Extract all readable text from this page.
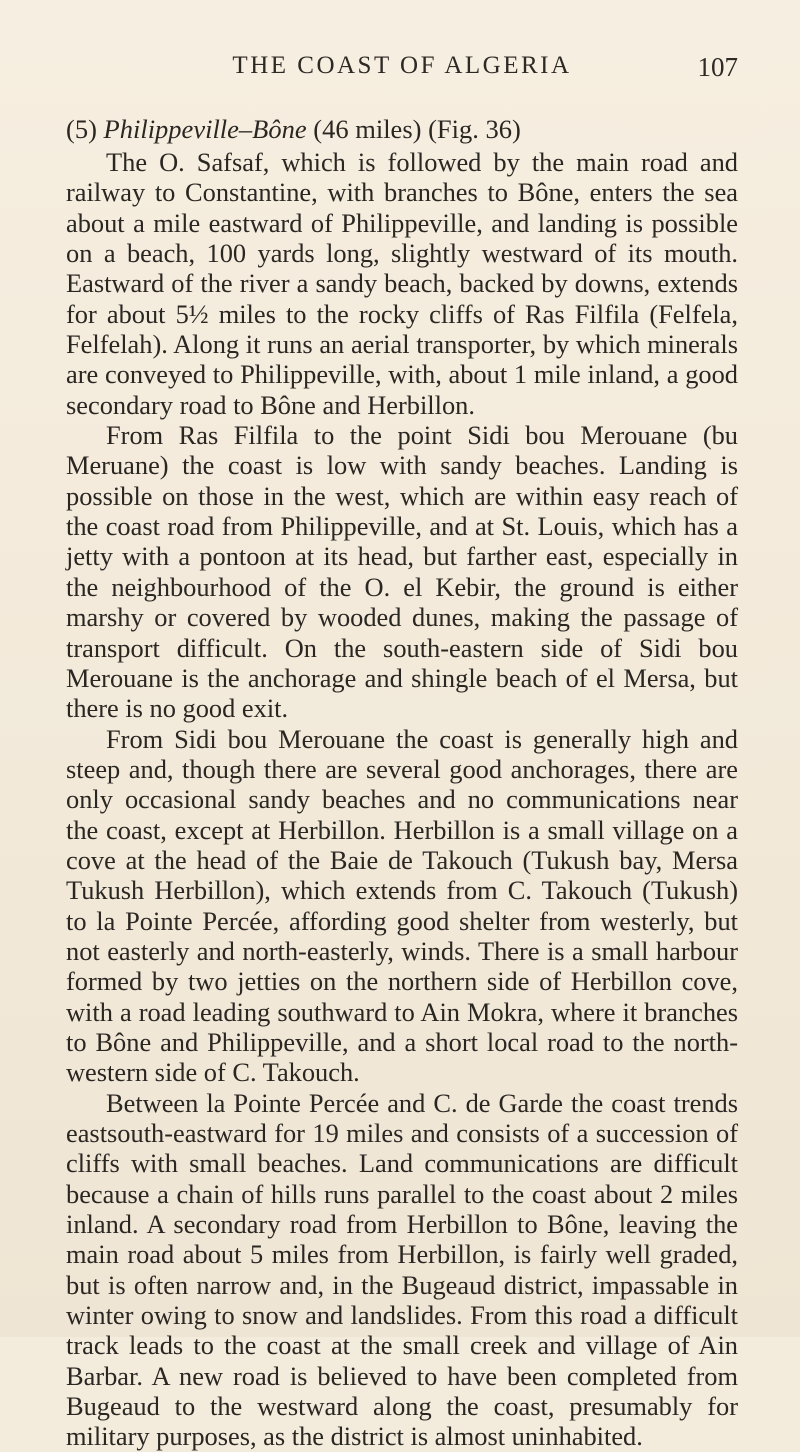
THE COAST OF ALGERIA	107
(5) Philippeville–Bône (46 miles) (Fig. 36)

The O. Safsaf, which is followed by the main road and railway to Constantine, with branches to Bône, enters the sea about a mile eastward of Philippeville, and landing is possible on a beach, 100 yards long, slightly westward of its mouth. Eastward of the river a sandy beach, backed by downs, extends for about 5½ miles to the rocky cliffs of Ras Filfila (Felfela, Felfelah). Along it runs an aerial transporter, by which minerals are conveyed to Philippeville, with, about 1 mile inland, a good secondary road to Bône and Herbillon.

From Ras Filfila to the point Sidi bou Merouane (bu Meruane) the coast is low with sandy beaches. Landing is possible on those in the west, which are within easy reach of the coast road from Philippeville, and at St. Louis, which has a jetty with a pontoon at its head, but farther east, especially in the neighbourhood of the O. el Kebir, the ground is either marshy or covered by wooded dunes, making the passage of transport difficult. On the south-eastern side of Sidi bou Merouane is the anchorage and shingle beach of el Mersa, but there is no good exit.

From Sidi bou Merouane the coast is generally high and steep and, though there are several good anchorages, there are only occasional sandy beaches and no communications near the coast, except at Herbillon. Herbillon is a small village on a cove at the head of the Baie de Takouch (Tukush bay, Mersa Tukush Herbillon), which extends from C. Takouch (Tukush) to la Pointe Percée, affording good shelter from westerly, but not easterly and north-easterly, winds. There is a small harbour formed by two jetties on the northern side of Herbillon cove, with a road leading southward to Ain Mokra, where it branches to Bône and Philippeville, and a short local road to the north-western side of C. Takouch.

Between la Pointe Percée and C. de Garde the coast trends eastsouth-eastward for 19 miles and consists of a succession of cliffs with small beaches. Land communications are difficult because a chain of hills runs parallel to the coast about 2 miles inland. A secondary road from Herbillon to Bône, leaving the main road about 5 miles from Herbillon, is fairly well graded, but is often narrow and, in the Bugeaud district, impassable in winter owing to snow and landslides. From this road a difficult track leads to the coast at the small creek and village of Ain Barbar. A new road is believed to have been completed from Bugeaud to the westward along the coast, presumably for military purposes, as the district is almost uninhabited.
